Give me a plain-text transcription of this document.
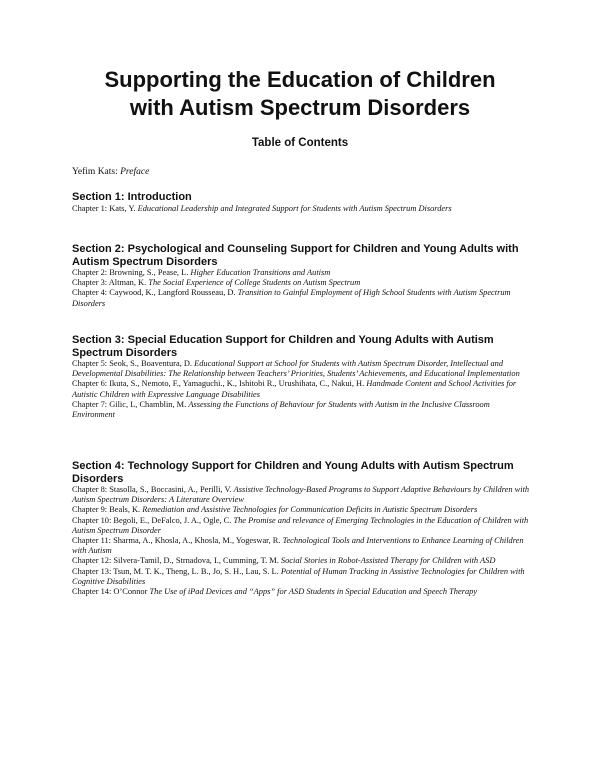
Supporting the Education of Children
with Autism Spectrum Disorders
Table of Contents
Yefim Kats: Preface

Section 1: Introduction

Chapter 1: Kats, Y. Educational Leadership and Integrated Support for Students with Autism Spectrum Disorders

Section 2: Psychological and Counseling Support for Children and Young Adults with Autism Spectrum Disorders

Chapter 2: Browning, S., Pease, L. Higher Education Transitions and Autism

Chapter 3: Altman, K. The Social Experience of College Students on Autism Spectrum

Chapter 4: Caywood, K., Langford Rousseau, D. Transition to Gainful Employment of High School Students with Autism Spectrum Disorders

Section 3: Special Education Support for Children and Young Adults with Autism Spectrum Disorders

Chapter 5: Seok, S., Boaventura, D. Educational Support at School for Students with Autism Spectrum Disorder, Intellectual and Developmental Disabilities: The Relationship between Teachers’ Priorities, Students’ Achievements, and Educational Implementation

Chapter 6: Ikuta, S., Nemoto, F., Yamaguchi., K., Ishitobi R., Urushihata, C., Nakui, H. Handmade Content and School Activities for Autistic Children with Expressive Language Disabilities

Chapter 7: Gilic, L, Chamblin, M. Assessing the Functions of Behaviour for Students with Autism in the Inclusive Classroom Environment

Section 4: Technology Support for Children and Young Adults with Autism Spectrum Disorders

Chapter 8: Stasolla, S., Boccasini, A., Perilli, V. Assistive Technology-Based Programs to Support Adaptive Behaviours by Children with Autism Spectrum Disorders: A Literature Overview

Chapter 9: Beals, K. Remediation and Assistive Technologies for Communication Deficits in Autistic Spectrum Disorders

Chapter 10: Begoli, E., DeFalco, J. A., Ogle, C. The Promise and relevance of Emerging Technologies in the Education of Children with Autism Spectrum Disorder

Chapter 11: Sharma, A., Khosla, A., Khosla, M., Yogeswar, R. Technological Tools and Interventions to Enhance Learning of Children with Autism

Chapter 12: Silvera-Tamil, D., Strnadova, I., Cumming, T. M. Social Stories in Robot-Assisted Therapy for Children with ASD

Chapter 13: Tsun, M. T. K., Theng, L. B., Jo, S. H., Lau, S. L. Potential of Human Tracking in Assistive Technologies for Children with Cognitive Disabilities

Chapter 14: O’Connor The Use of iPad Devices and “Apps” for ASD Students in Special Education and Speech Therapy
